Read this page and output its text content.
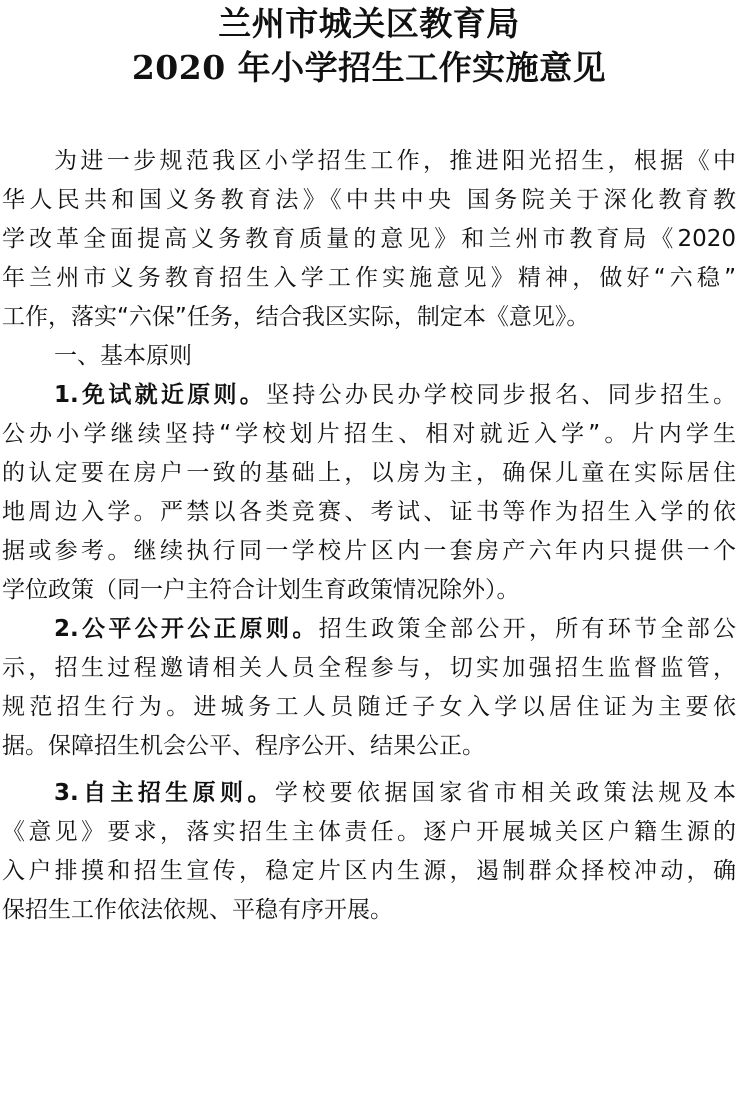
兰州市城关区教育局
2020 年小学招生工作实施意见
为进一步规范我区小学招生工作，推进阳光招生，根据《中
华人民共和国义务教育法》《中共中央 国务院关于深化教育教
学改革全面提高义务教育质量的意见》和兰州市教育局《2020
年兰州市义务教育招生入学工作实施意见》精神，做好“六稳”
工作，落实“六保”任务，结合我区实际，制定本《意见》。
一、基本原则
1.免试就近原则。坚持公办民办学校同步报名、同步招生。
公办小学继续坚持“学校划片招生、相对就近入学”。片内学生
的认定要在房户一致的基础上，以房为主，确保儿童在实际居住
地周边入学。严禁以各类竞赛、考试、证书等作为招生入学的依
据或参考。继续执行同一学校片区内一套房产六年内只提供一个
学位政策（同一户主符合计划生育政策情况除外）。
2.公平公开公正原则。招生政策全部公开，所有环节全部公
示，招生过程邀请相关人员全程参与，切实加强招生监督监管，
规范招生行为。进城务工人员随迁子女入学以居住证为主要依
据。保障招生机会公平、程序公开、结果公正。
3.自主招生原则。学校要依据国家省市相关政策法规及本
《意见》要求，落实招生主体责任。逐户开展城关区户籍生源的
入户排摸和招生宣传，稳定片区内生源，遏制群众择校冲动，确
保招生工作依法依规、平稳有序开展。
